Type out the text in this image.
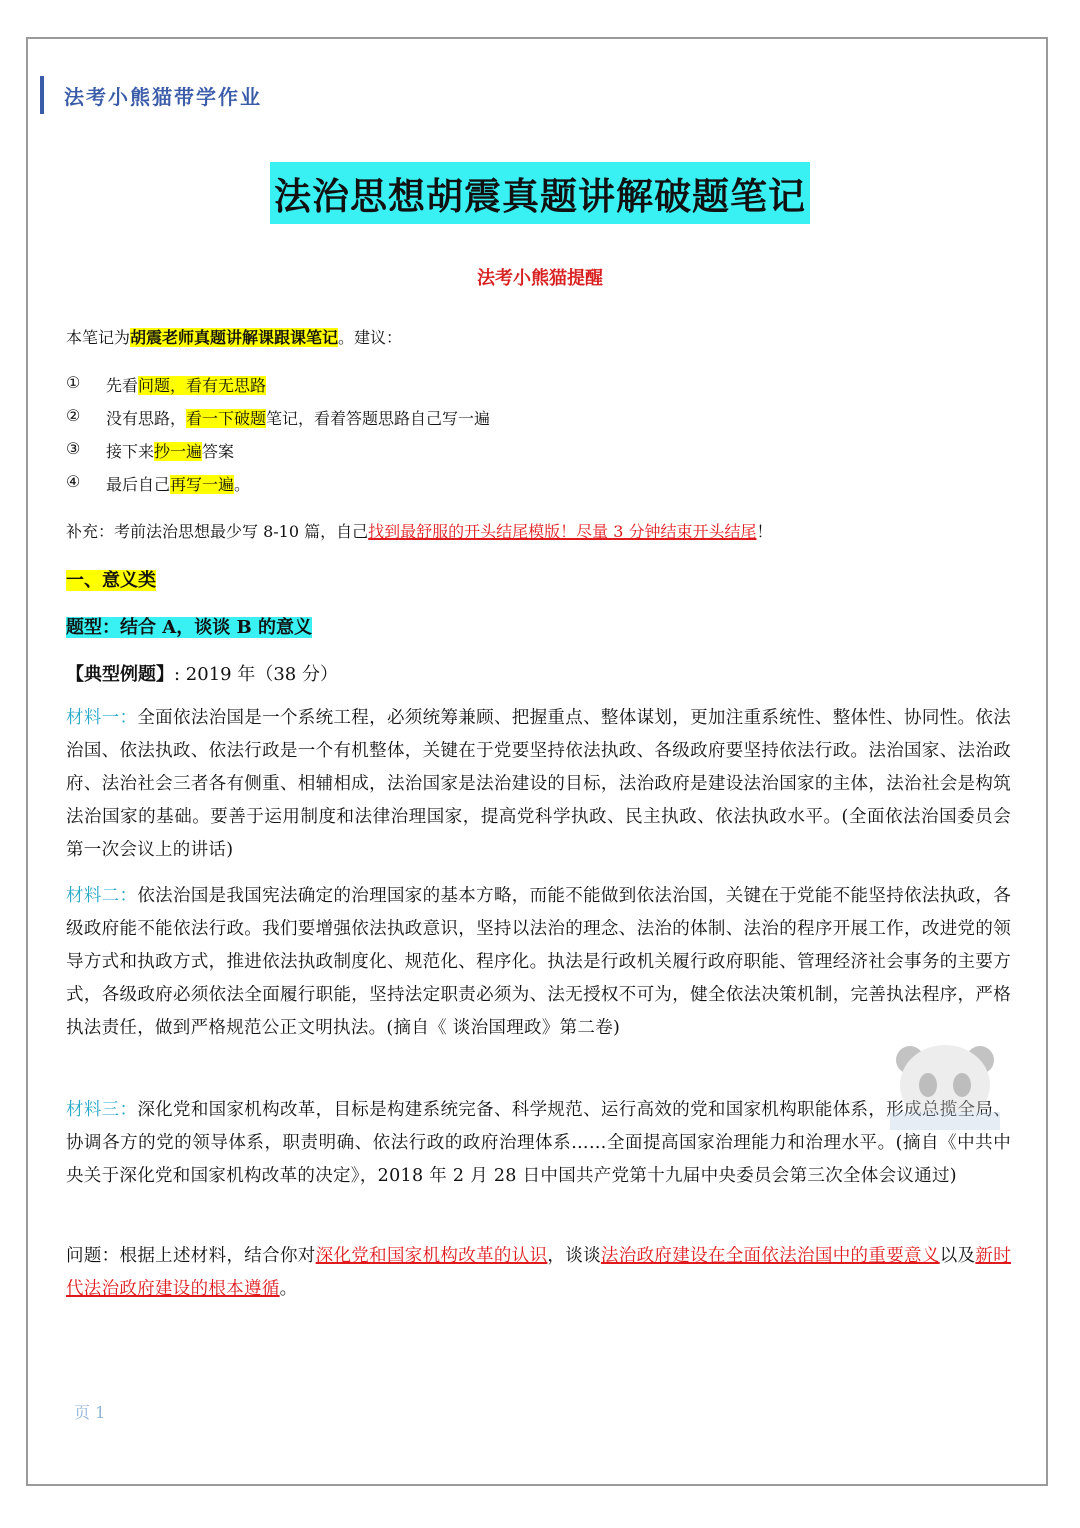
法考小熊猫带学作业
法治思想胡震真题讲解破题笔记
法考小熊猫提醒
本笔记为胡震老师真题讲解课跟课笔记。建议：
①	先看问题，看有无思路
②	没有思路，看一下破题笔记，看着答题思路自己写一遍
③	接下来抄一遍答案
④	最后自己再写一遍。
补充：考前法治思想最少写 8-10 篇，自己找到最舒服的开头结尾模版！尽量 3 分钟结束开头结尾！
一、意义类
题型：结合 A，谈谈 B 的意义
【典型例题】: 2019 年（38 分）
材料一：全面依法治国是一个系统工程，必须统筹兼顾、把握重点、整体谋划，更加注重系统性、整体性、协同性。依法治国、依法执政、依法行政是一个有机整体，关键在于党要坚持依法执政、各级政府要坚持依法行政。法治国家、法治政府、法治社会三者各有侧重、相辅相成，法治国家是法治建设的目标，法治政府是建设法治国家的主体，法治社会是构筑法治国家的基础。要善于运用制度和法律治理国家，提高党科学执政、民主执政、依法执政水平。(全面依法治国委员会第一次会议上的讲话)
材料二：依法治国是我国宪法确定的治理国家的基本方略，而能不能做到依法治国，关键在于党能不能坚持依法执政，各级政府能不能依法行政。我们要增强依法执政意识，坚持以法治的理念、法治的体制、法治的程序开展工作，改进党的领导方式和执政方式，推进依法执政制度化、规范化、程序化。执法是行政机关履行政府职能、管理经济社会事务的主要方式，各级政府必须依法全面履行职能，坚持法定职责必须为、法无授权不可为，健全依法决策机制，完善执法程序，严格执法责任，做到严格规范公正文明执法。(摘自《 谈治国理政》第二卷)
材料三：深化党和国家机构改革，目标是构建系统完备、科学规范、运行高效的党和国家机构职能体系，形成总揽全局、协调各方的党的领导体系，职责明确、依法行政的政府治理体系……全面提高国家治理能力和治理水平。(摘自《中共中央关于深化党和国家机构改革的决定》，2018 年 2 月 28 日中国共产党第十九届中央委员会第三次全体会议通过)
问题：根据上述材料，结合你对深化党和国家机构改革的认识，谈谈法治政府建设在全面依法治国中的重要意义以及新时代法治政府建设的根本遵循。
页 1
